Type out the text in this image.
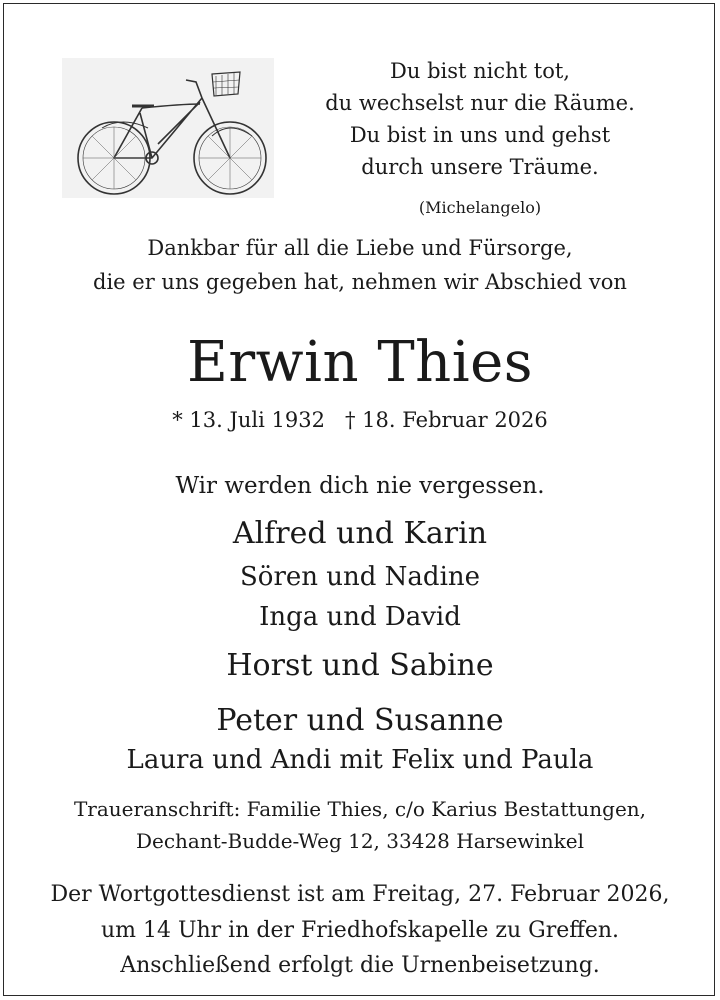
Du bist nicht tot,
du wechselst nur die Räume.
Du bist in uns und gehst
durch unsere Träume.
(Michelangelo)
Dankbar für all die Liebe und Fürsorge,
die er uns gegeben hat, nehmen wir Abschied von
Erwin Thies
* 13. Juli 1932   † 18. Februar 2026
Wir werden dich nie vergessen.
Alfred und Karin
Sören und Nadine
Inga und David
Horst und Sabine
Peter und Susanne
Laura und Andi mit Felix und Paula
Traueranschrift: Familie Thies, c/o Karius Bestattungen,
Dechant-Budde-Weg 12, 33428 Harsewinkel
Der Wortgottesdienst ist am Freitag, 27. Februar 2026,
um 14 Uhr in der Friedhofskapelle zu Greffen.
Anschließend erfolgt die Urnenbeisetzung.
